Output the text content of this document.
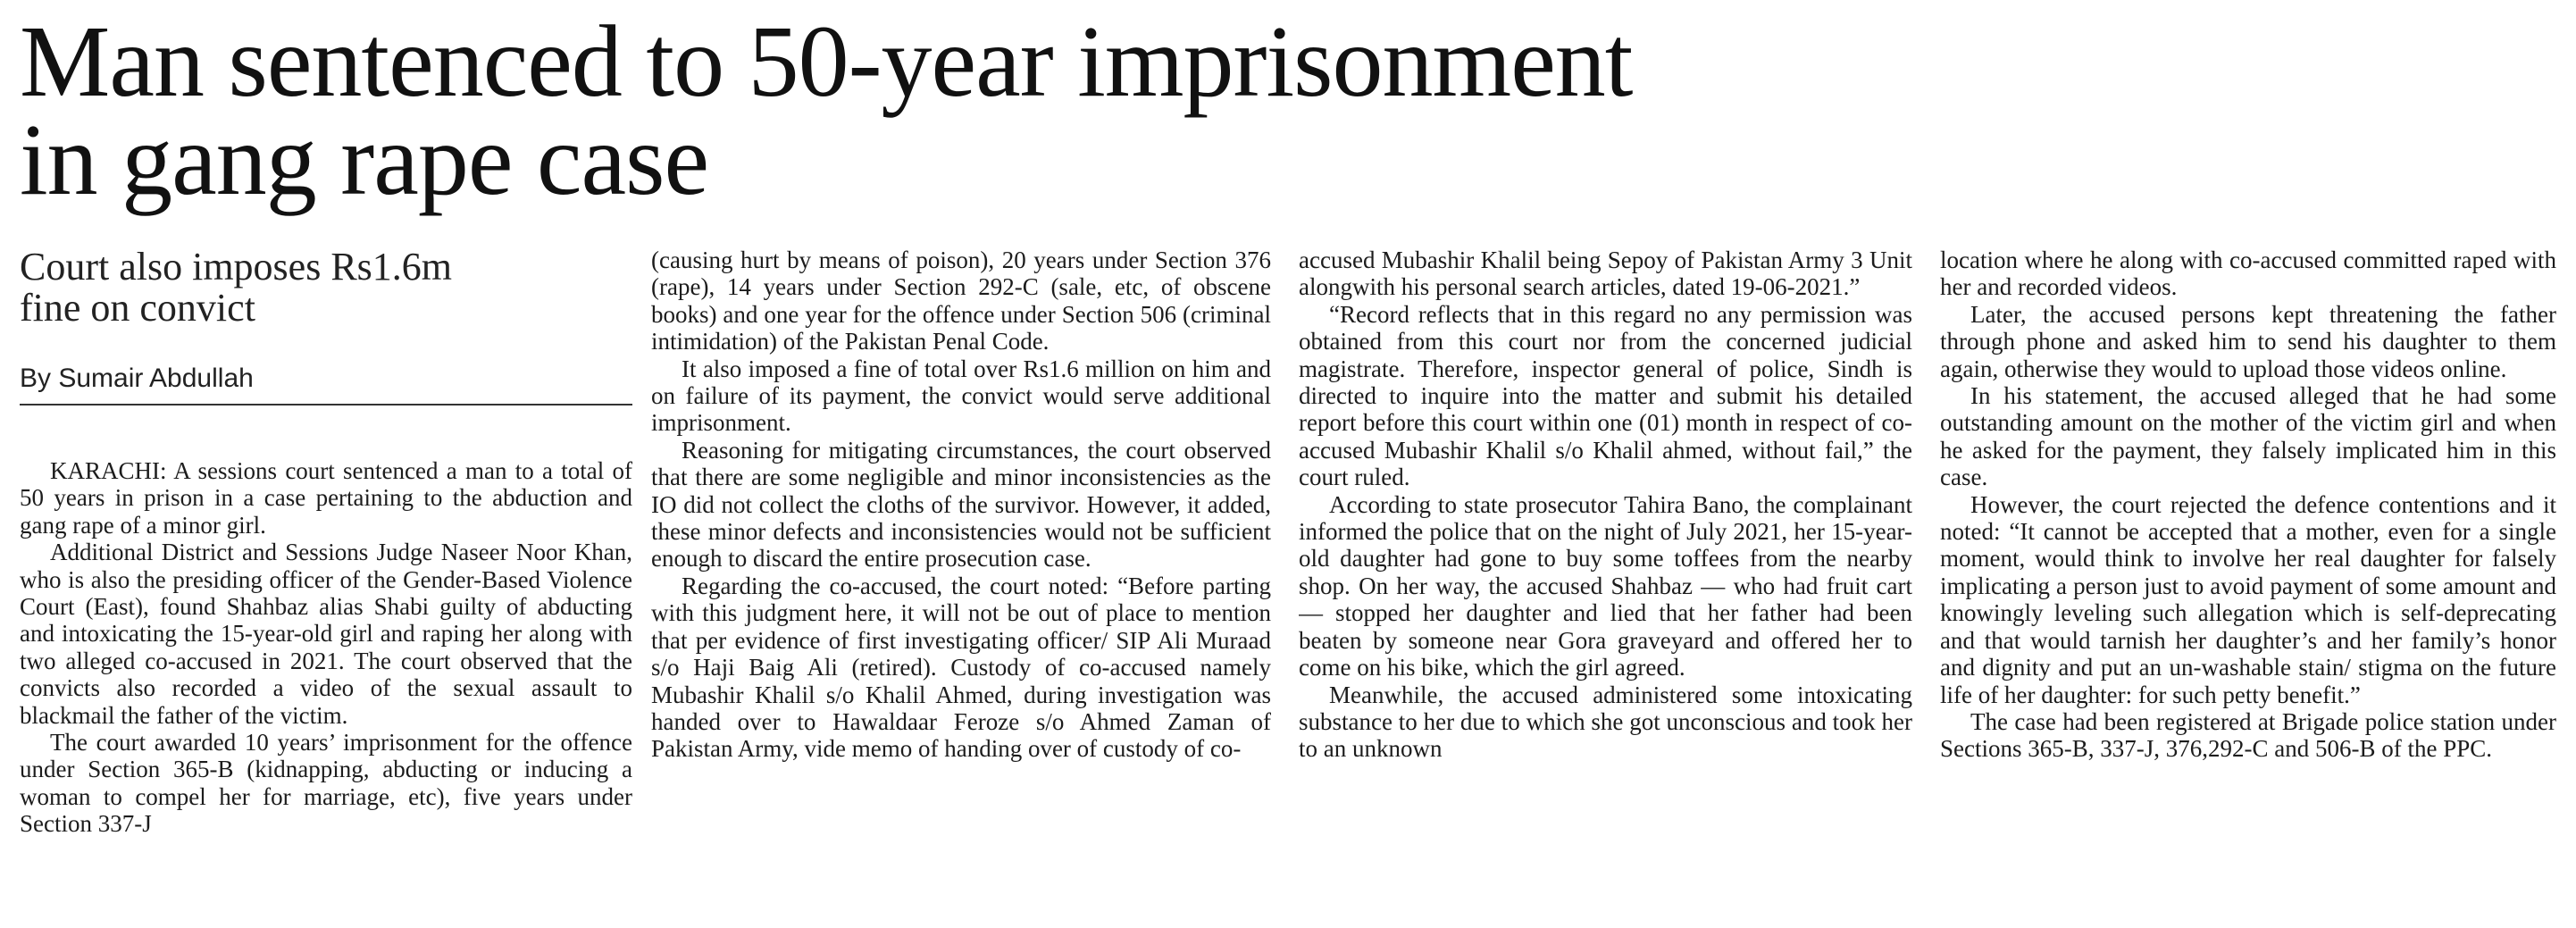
Man sentenced to 50-year imprisonment
in gang rape case
Court also imposes Rs1.6m
fine on convict
By Sumair Abdullah

KARACHI: A sessions court sentenced a man to a total of 50 years in prison in a case pertaining to the abduction and gang rape of a minor girl.

Additional District and Sessions Judge Naseer Noor Khan, who is also the presiding officer of the Gender-Based Violence Court (East), found Shahbaz alias Shabi guilty of abducting and intoxicating the 15-year-old girl and raping her along with two alleged co-accused in 2021. The court observed that the convicts also recorded a video of the sexual assault to blackmail the father of the victim.

The court awarded 10 years’ imprisonment for the offence under Section 365-B (kidnapping, abducting or inducing a woman to compel her for marriage, etc), five years under Section 337-J

(causing hurt by means of poison), 20 years under Section 376 (rape), 14 years under Section 292-C (sale, etc, of obscene books) and one year for the offence under Section 506 (criminal intimidation) of the Pakistan Penal Code.

It also imposed a fine of total over Rs1.6 million on him and on failure of its payment, the convict would serve additional imprisonment.

Reasoning for mitigating circumstances, the court observed that there are some negligible and minor inconsistencies as the IO did not collect the cloths of the survivor. However, it added, these minor defects and inconsistencies would not be sufficient enough to discard the entire prosecution case.

Regarding the co-accused, the court noted: “Before parting with this judgment here, it will not be out of place to mention that per evidence of first investigating officer/ SIP Ali Muraad s/o Haji Baig Ali (retired). Custody of co-accused namely Mubashir Khalil s/o Khalil Ahmed, during investigation was handed over to Hawaldaar Feroze s/o Ahmed Zaman of Pakistan Army, vide memo of handing over of custody of co-

accused Mubashir Khalil being Sepoy of Pakistan Army 3 Unit alongwith his personal search articles, dated 19-06-2021.”

“Record reflects that in this regard no any permission was obtained from this court nor from the concerned judicial magistrate. Therefore, inspector general of police, Sindh is directed to inquire into the matter and submit his detailed report before this court within one (01) month in respect of co-accused Mubashir Khalil s/o Khalil ahmed, without fail,” the court ruled.

According to state prosecutor Tahira Bano, the complainant informed the police that on the night of July 2021, her 15-year-old daughter had gone to buy some toffees from the nearby shop. On her way, the accused Shahbaz — who had fruit cart — stopped her daughter and lied that her father had been beaten by someone near Gora graveyard and offered her to come on his bike, which the girl agreed.

Meanwhile, the accused administered some intoxicating substance to her due to which she got unconscious and took her to an unknown

location where he along with co-accused committed raped with her and recorded videos.

Later, the accused persons kept threatening the father through phone and asked him to send his daughter to them again, otherwise they would to upload those videos online.

In his statement, the accused alleged that he had some outstanding amount on the mother of the victim girl and when he asked for the payment, they falsely implicated him in this case.

However, the court rejected the defence contentions and it noted: “It cannot be accepted that a mother, even for a single moment, would think to involve her real daughter for falsely implicating a person just to avoid payment of some amount and knowingly leveling such allegation which is self-deprecating and that would tarnish her daughter’s and her family’s honor and dignity and put an un-washable stain/ stigma on the future life of her daughter: for such petty benefit.”

The case had been registered at Brigade police station under Sections 365-B, 337-J, 376,292-C and 506-B of the PPC.
